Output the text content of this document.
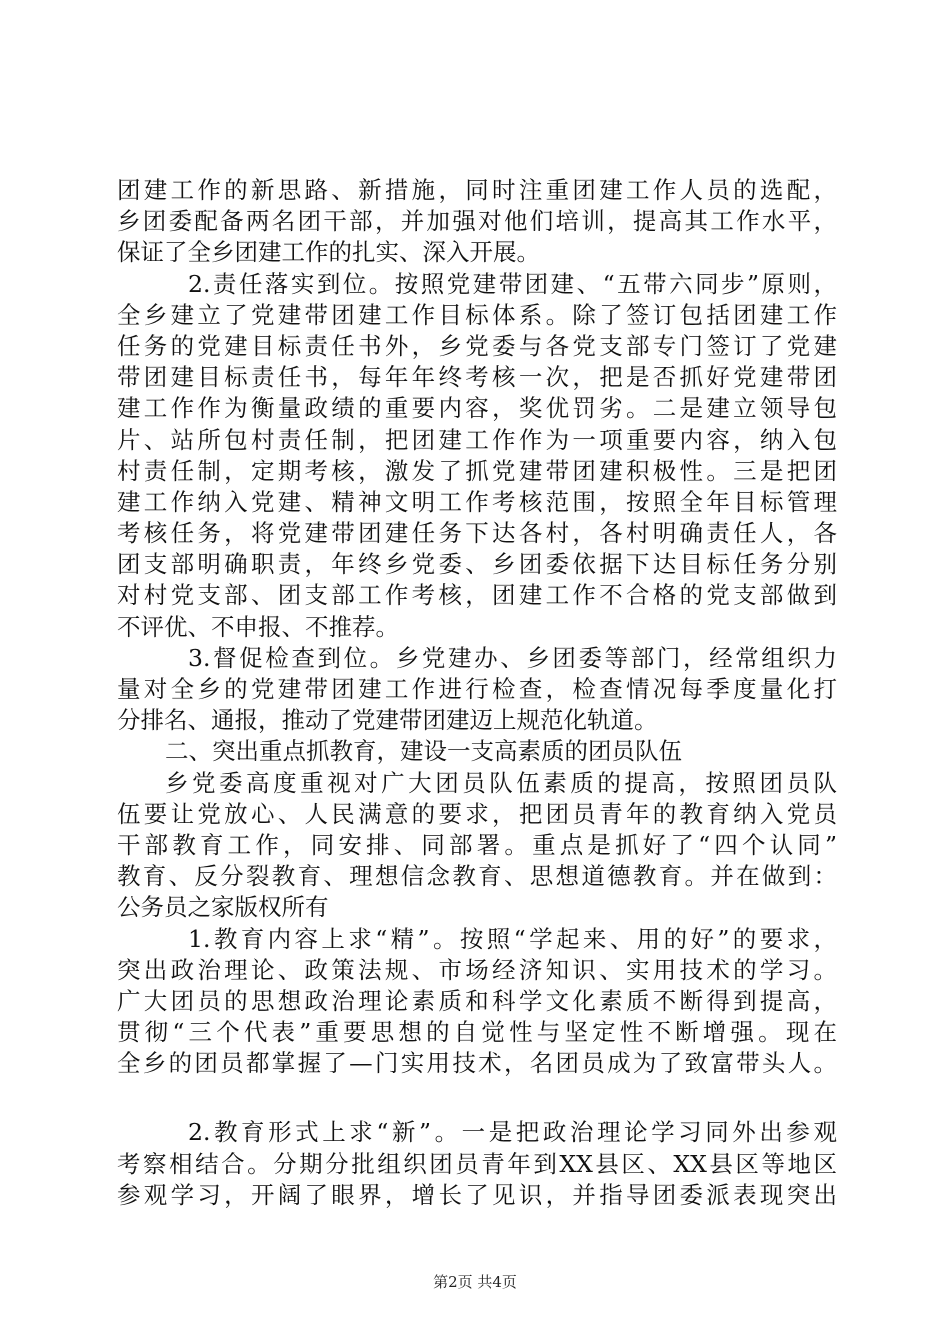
团建工作的新思路、新措施，同时注重团建工作人员的选配，
乡团委配备两名团干部，并加强对他们培训，提高其工作水平，
保证了全乡团建工作的扎实、深入开展。
2.责任落实到位。按照党建带团建、“五带六同步”原则，
全乡建立了党建带团建工作目标体系。除了签订包括团建工作
任务的党建目标责任书外，乡党委与各党支部专门签订了党建
带团建目标责任书，每年年终考核一次，把是否抓好党建带团
建工作作为衡量政绩的重要内容，奖优罚劣。二是建立领导包
片、站所包村责任制，把团建工作作为一项重要内容，纳入包
村责任制，定期考核，激发了抓党建带团建积极性。三是把团
建工作纳入党建、精神文明工作考核范围，按照全年目标管理
考核任务，将党建带团建任务下达各村，各村明确责任人，各
团支部明确职责，年终乡党委、乡团委依据下达目标任务分别
对村党支部、团支部工作考核，团建工作不合格的党支部做到
不评优、不申报、不推荐。
3.督促检查到位。乡党建办、乡团委等部门，经常组织力
量对全乡的党建带团建工作进行检查，检查情况每季度量化打
分排名、通报，推动了党建带团建迈上规范化轨道。
二、突出重点抓教育，建设一支高素质的团员队伍
乡党委高度重视对广大团员队伍素质的提高，按照团员队
伍要让党放心、人民满意的要求，把团员青年的教育纳入党员
干部教育工作，同安排、同部署。重点是抓好了“四个认同”
教育、反分裂教育、理想信念教育、思想道德教育。并在做到：
公务员之家版权所有
1.教育内容上求“精”。按照“学起来、用的好”的要求，
突出政治理论、政策法规、市场经济知识、实用技术的学习。
广大团员的思想政治理论素质和科学文化素质不断得到提高，
贯彻“三个代表”重要思想的自觉性与坚定性不断增强。现在
全乡的团员都掌握了—门实用技术，名团员成为了致富带头人。
2.教育形式上求“新”。一是把政治理论学习同外出参观
考察相结合。分期分批组织团员青年到XX县区、XX县区等地区
参观学习，开阔了眼界，增长了见识，并指导团委派表现突出
第2页 共4页
